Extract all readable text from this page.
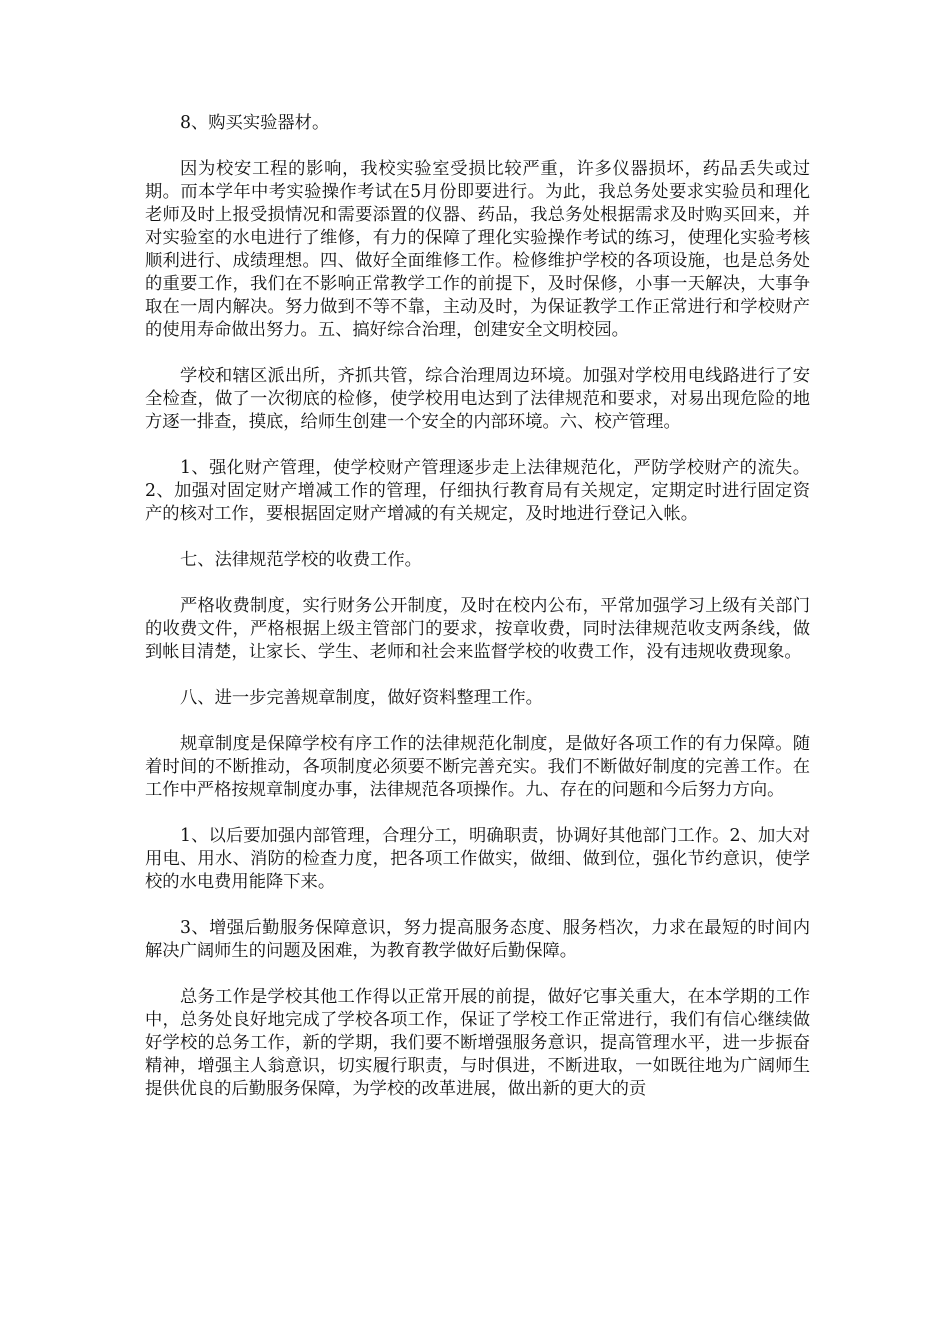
8、购买实验器材。

因为校安工程的影响，我校实验室受损比较严重，许多仪器损坏，药品丢失或过期。而本学年中考实验操作考试在5月份即要进行。为此，我总务处要求实验员和理化老师及时上报受损情况和需要添置的仪器、药品，我总务处根据需求及时购买回来，并对实验室的水电进行了维修，有力的保障了理化实验操作考试的练习，使理化实验考核顺利进行、成绩理想。四、做好全面维修工作。检修维护学校的各项设施，也是总务处的重要工作，我们在不影响正常教学工作的前提下，及时保修，小事一天解决，大事争取在一周内解决。努力做到不等不靠，主动及时，为保证教学工作正常进行和学校财产的使用寿命做出努力。五、搞好综合治理，创建安全文明校园。

学校和辖区派出所，齐抓共管，综合治理周边环境。加强对学校用电线路进行了安全检查，做了一次彻底的检修，使学校用电达到了法律规范和要求，对易出现危险的地方逐一排查，摸底，给师生创建一个安全的内部环境。六、校产管理。

1、强化财产管理，使学校财产管理逐步走上法律规范化，严防学校财产的流失。2、加强对固定财产增减工作的管理，仔细执行教育局有关规定，定期定时进行固定资产的核对工作，要根据固定财产增减的有关规定，及时地进行登记入帐。

七、法律规范学校的收费工作。

严格收费制度，实行财务公开制度，及时在校内公布，平常加强学习上级有关部门的收费文件，严格根据上级主管部门的要求，按章收费，同时法律规范收支两条线，做到帐目清楚，让家长、学生、老师和社会来监督学校的收费工作，没有违规收费现象。

八、进一步完善规章制度，做好资料整理工作。

规章制度是保障学校有序工作的法律规范化制度，是做好各项工作的有力保障。随着时间的不断推动，各项制度必须要不断完善充实。我们不断做好制度的完善工作。在工作中严格按规章制度办事，法律规范各项操作。九、存在的问题和今后努力方向。

1、以后要加强内部管理，合理分工，明确职责，协调好其他部门工作。2、加大对用电、用水、消防的检查力度，把各项工作做实，做细、做到位，强化节约意识，使学校的水电费用能降下来。

3、增强后勤服务保障意识，努力提高服务态度、服务档次，力求在最短的时间内解决广阔师生的问题及困难，为教育教学做好后勤保障。

总务工作是学校其他工作得以正常开展的前提，做好它事关重大，在本学期的工作中，总务处良好地完成了学校各项工作，保证了学校工作正常进行，我们有信心继续做好学校的总务工作，新的学期，我们要不断增强服务意识，提高管理水平，进一步振奋精神，增强主人翁意识，切实履行职责，与时俱进，不断进取，一如既往地为广阔师生提供优良的后勤服务保障，为学校的改革进展，做出新的更大的贡
